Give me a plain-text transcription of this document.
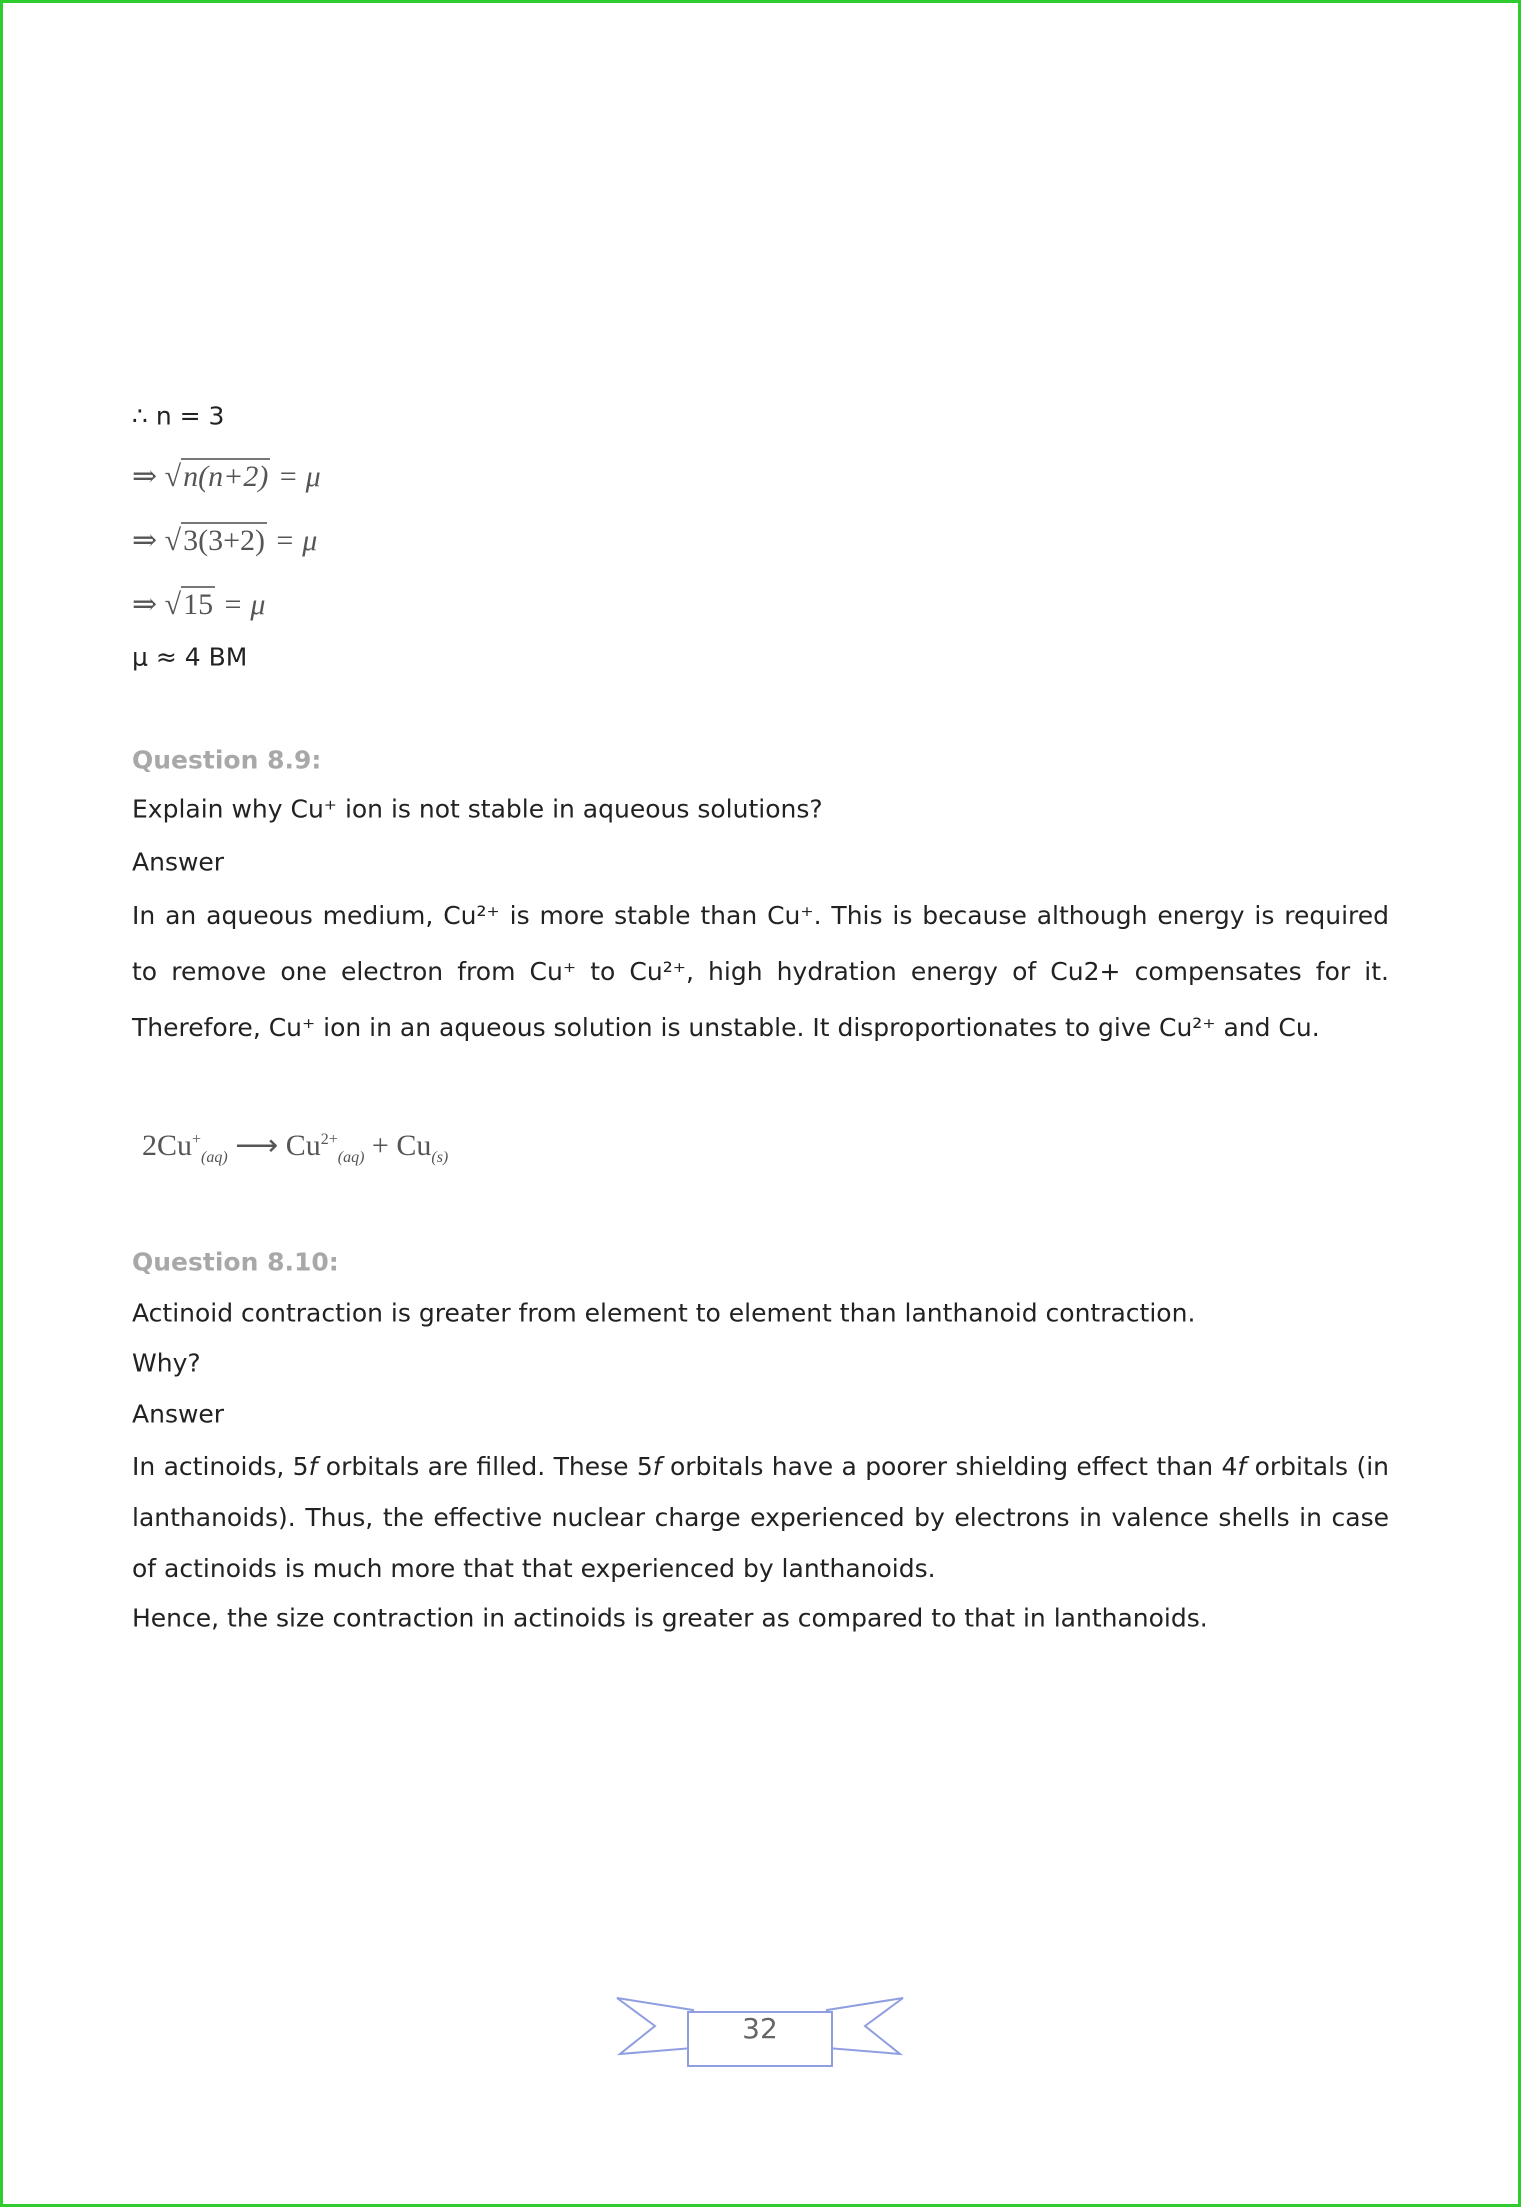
∴ n = 3
⇒ √n(n+2) = μ
⇒ √3(3+2) = μ
⇒ √15 = μ
μ ≈ 4 BM
Question 8.9:
Explain why Cu⁺ ion is not stable in aqueous solutions?
Answer
In an aqueous medium, Cu²⁺ is more stable than Cu⁺. This is because although energy is required to remove one electron from Cu⁺ to Cu²⁺, high hydration energy of Cu2+ compensates for it. Therefore, Cu⁺ ion in an aqueous solution is unstable. It disproportionates to give Cu²⁺ and Cu.
$2Cu^+_{(aq)}$ ⟶ $Cu^{2+}_{(aq)} + Cu_{(s)}$
Question 8.10:
Actinoid contraction is greater from element to element than lanthanoid contraction.
Why?
Answer
In actinoids, 5f orbitals are filled. These 5f orbitals have a poorer shielding effect than 4f orbitals (in lanthanoids). Thus, the effective nuclear charge experienced by electrons in valence shells in case of actinoids is much more that that experienced by lanthanoids.
Hence, the size contraction in actinoids is greater as compared to that in lanthanoids.
32
